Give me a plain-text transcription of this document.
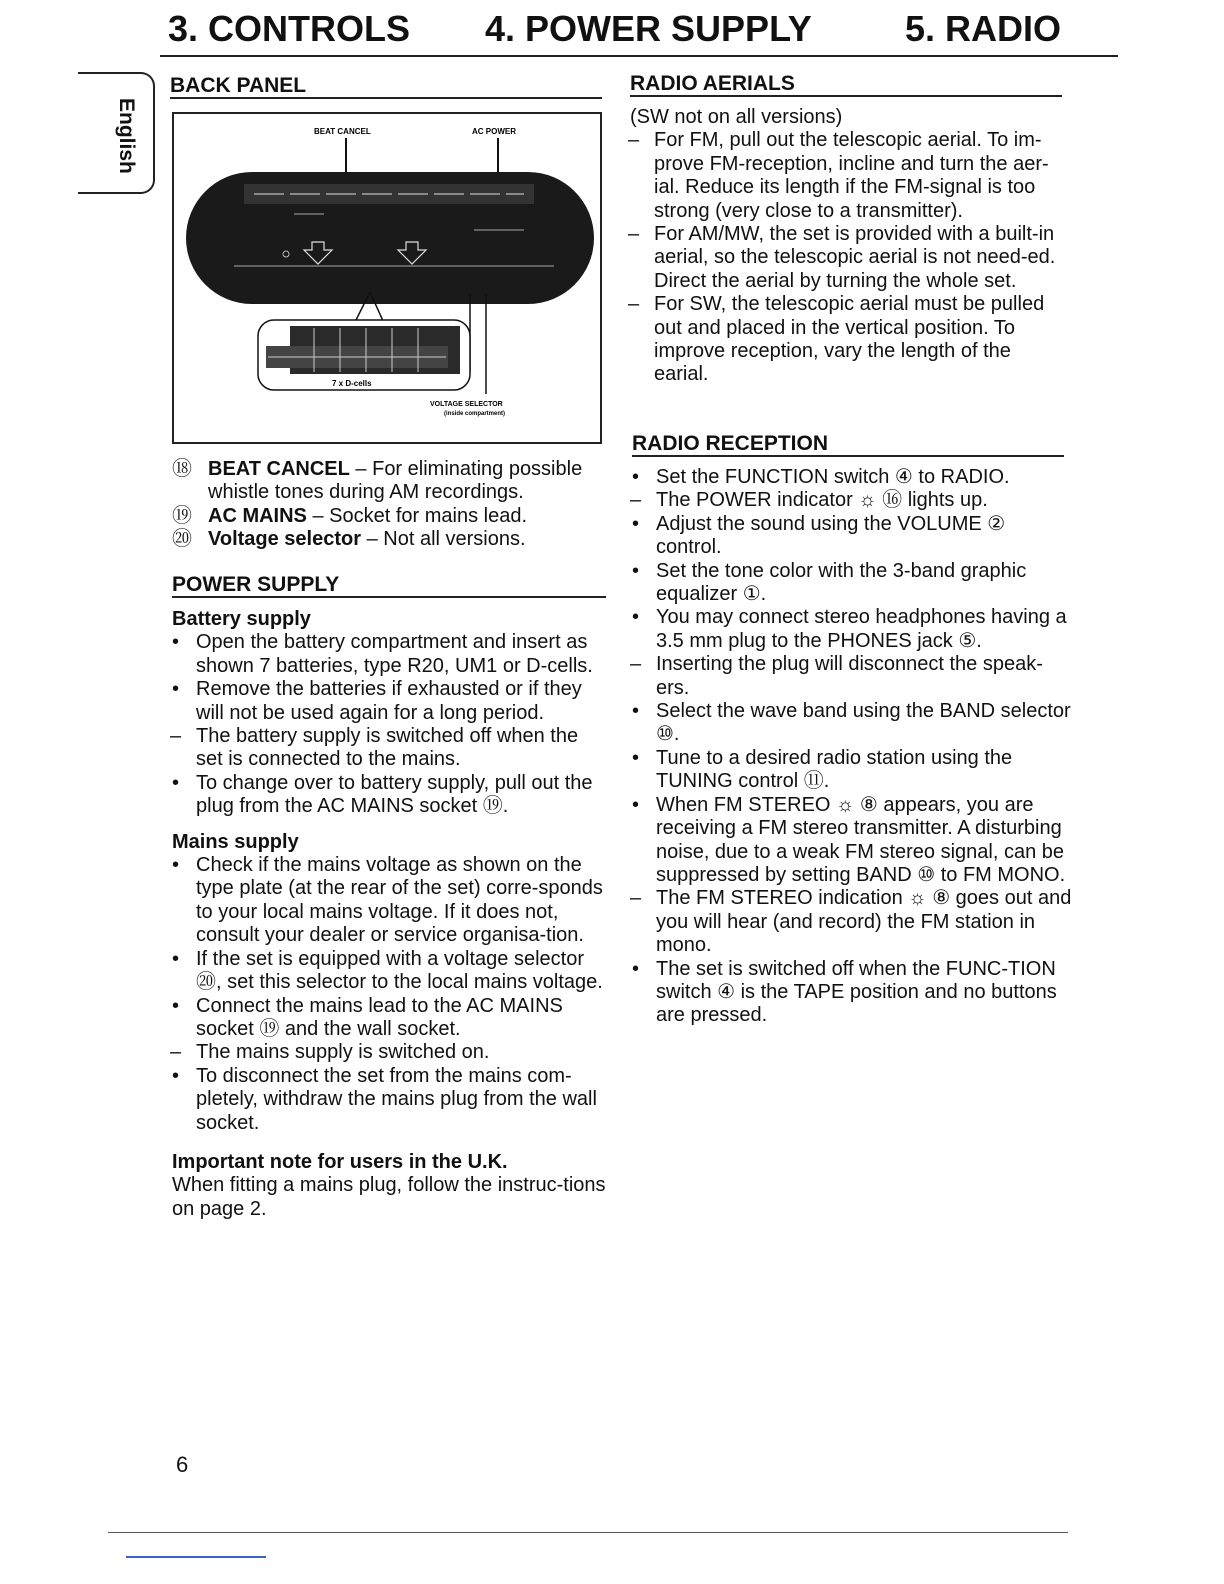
3. CONTROLS 4. POWER SUPPLY	5. RADIO
English
BACK PANEL
BEAT CANCEL	AC POWER
7 x D-cells
VOLTAGE SELECTOR
(inside compartment)
⑱ BEAT CANCEL – For eliminating possible whistle tones during AM recordings.
⑲ AC MAINS – Socket for mains lead.
⑳ Voltage selector – Not all versions.
POWER SUPPLY

Battery supply

• Open the battery compartment and insert as shown 7 batteries, type R20, UM1 or D-cells.
• Remove the batteries if exhausted or if they will not be used again for a long period.
– The battery supply is switched off when the set is connected to the mains.
• To change over to battery supply, pull out the plug from the AC MAINS socket ⑲.

Mains supply

• Check if the mains voltage as shown on the type plate (at the rear of the set) corre-sponds to your local mains voltage. If it does not, consult your dealer or service organisa-tion.
• If the set is equipped with a voltage selector ⑳, set this selector to the local mains voltage.
• Connect the mains lead to the AC MAINS socket ⑲ and the wall socket.
– The mains supply is switched on.
• To disconnect the set from the mains com-pletely, withdraw the mains plug from the wall socket.

Important note for users in the U.K.

When fitting a mains plug, follow the instruc-tions on page 2.

RADIO AERIALS

(SW not on all versions)

– For FM, pull out the telescopic aerial. To im-prove FM-reception, incline and turn the aer-ial. Reduce its length if the FM-signal is too strong (very close to a transmitter).
– For AM/MW, the set is provided with a built-in aerial, so the telescopic aerial is not need-ed. Direct the aerial by turning the whole set.
– For SW, the telescopic aerial must be pulled out and placed in the vertical position. To improve reception, vary the length of the earial.
RADIO RECEPTION
• Set the FUNCTION switch ④ to RADIO.
– The POWER indicator ☼ ⑯ lights up.
• Adjust the sound using the VOLUME ② control.
• Set the tone color with the 3-band graphic equalizer ①.
• You may connect stereo headphones having a 3.5 mm plug to the PHONES jack ⑤.
– Inserting the plug will disconnect the speak-ers.
• Select the wave band using the BAND selector ⑩.
• Tune to a desired radio station using the TUNING control ⑪.
• When FM STEREO ☼ ⑧ appears, you are receiving a FM stereo transmitter. A disturbing noise, due to a weak FM stereo signal, can be suppressed by setting BAND ⑩ to FM MONO.
– The FM STEREO indication ☼ ⑧ goes out and you will hear (and record) the FM station in mono.
• The set is switched off when the FUNC-TION switch ④ is the TAPE position and no buttons are pressed.
6
